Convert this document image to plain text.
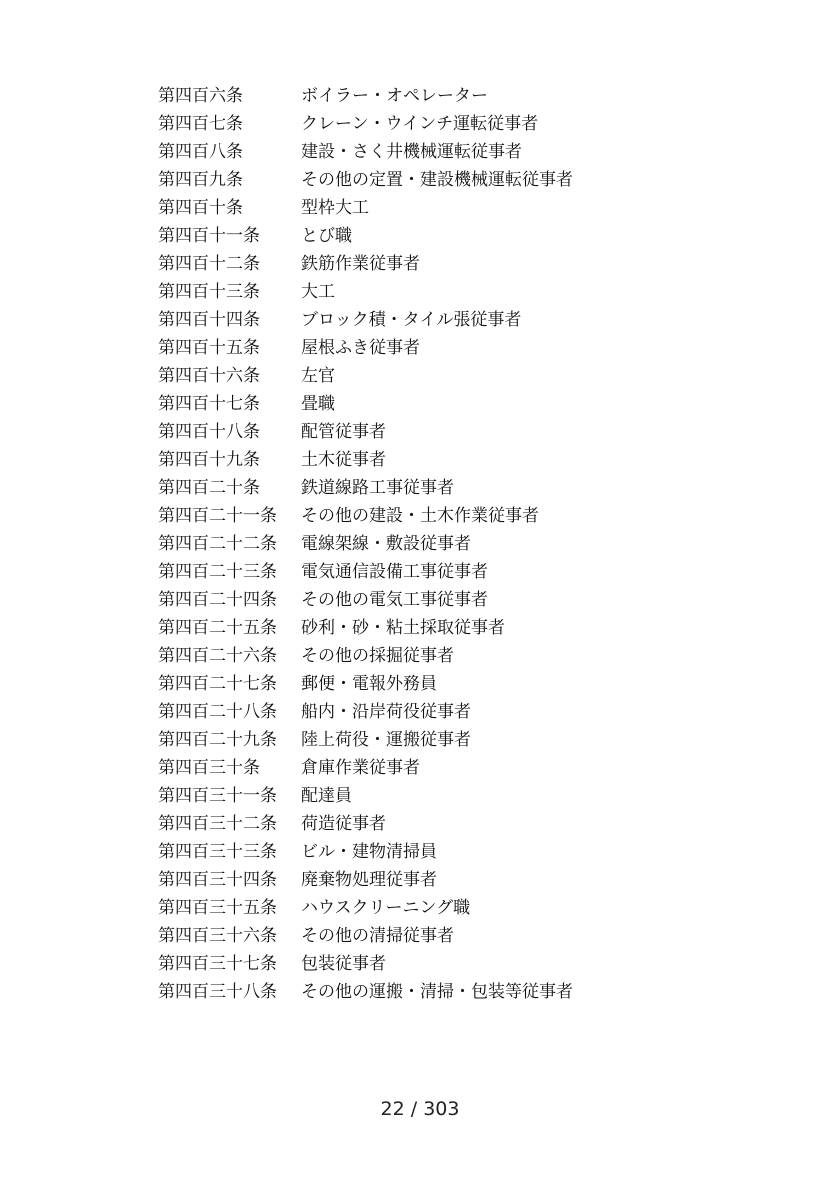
第四百六条	ボイラー・オペレーター
第四百七条	クレーン・ウインチ運転従事者
第四百八条	建設・さく井機械運転従事者
第四百九条	その他の定置・建設機械運転従事者
第四百十条	型枠大工
第四百十一条	とび職
第四百十二条	鉄筋作業従事者
第四百十三条	大工
第四百十四条	ブロック積・タイル張従事者
第四百十五条	屋根ふき従事者
第四百十六条	左官
第四百十七条	畳職
第四百十八条	配管従事者
第四百十九条	土木従事者
第四百二十条	鉄道線路工事従事者
第四百二十一条	その他の建設・土木作業従事者
第四百二十二条	電線架線・敷設従事者
第四百二十三条	電気通信設備工事従事者
第四百二十四条	その他の電気工事従事者
第四百二十五条	砂利・砂・粘土採取従事者
第四百二十六条	その他の採掘従事者
第四百二十七条	郵便・電報外務員
第四百二十八条	船内・沿岸荷役従事者
第四百二十九条	陸上荷役・運搬従事者
第四百三十条	倉庫作業従事者
第四百三十一条	配達員
第四百三十二条	荷造従事者
第四百三十三条	ビル・建物清掃員
第四百三十四条	廃棄物処理従事者
第四百三十五条	ハウスクリーニング職
第四百三十六条	その他の清掃従事者
第四百三十七条	包装従事者
第四百三十八条	その他の運搬・清掃・包装等従事者
22 / 303
